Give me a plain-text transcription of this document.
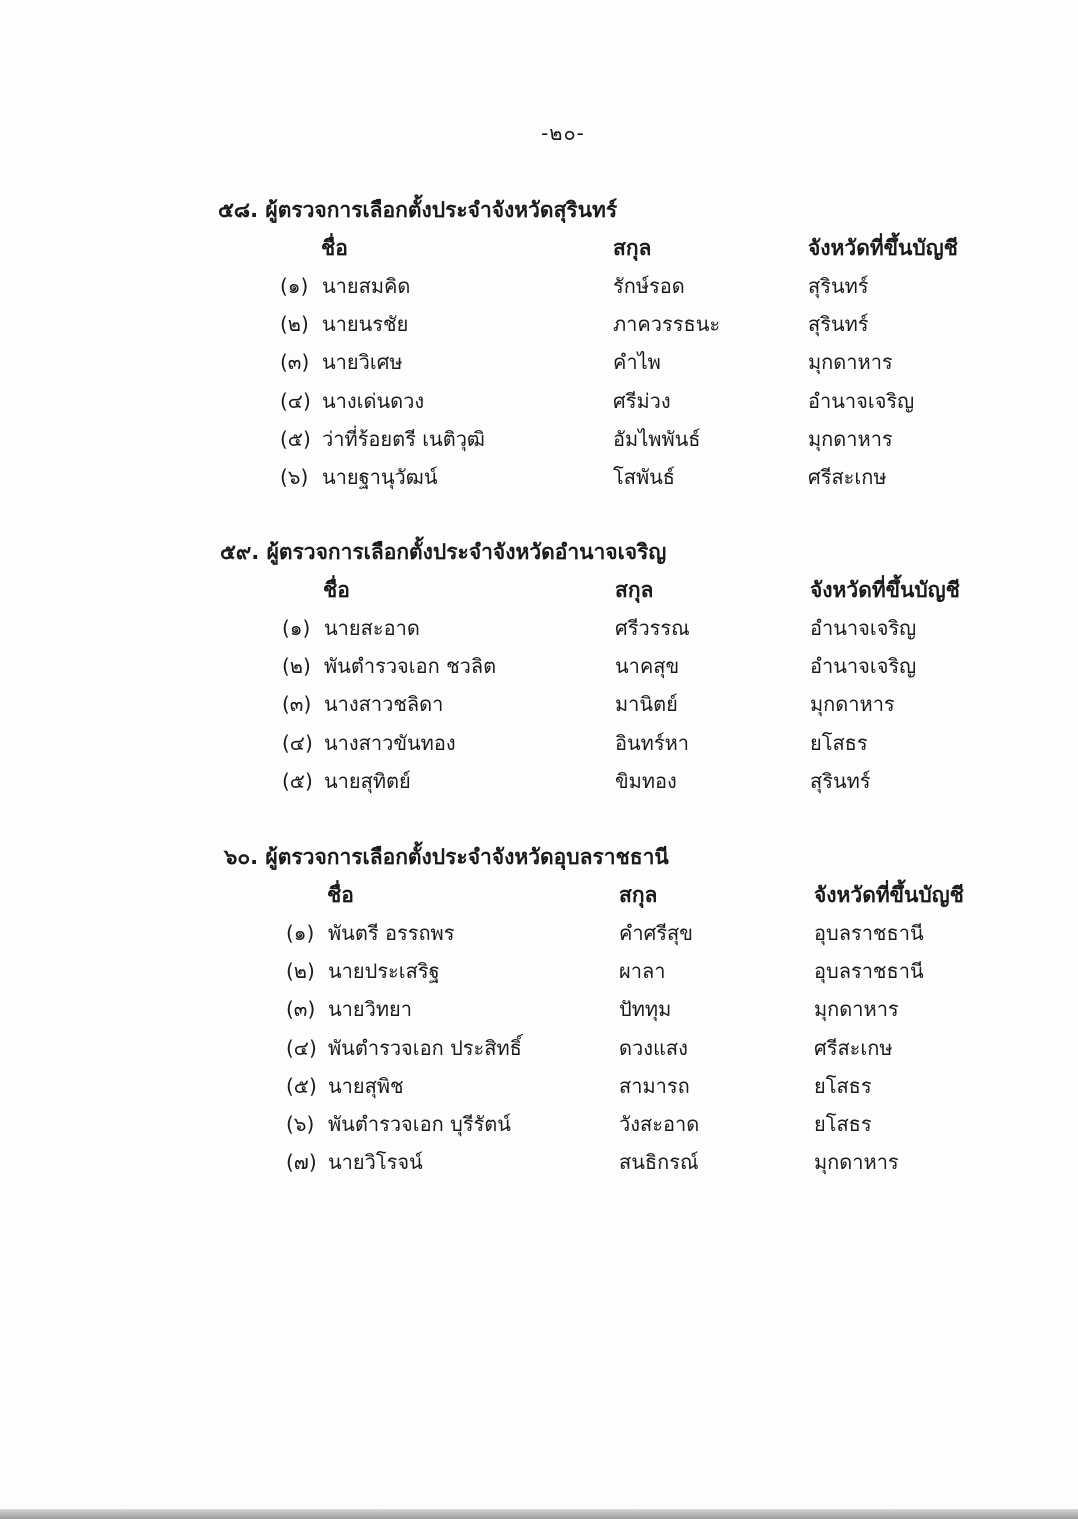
-๒๐-
๕๘. ผู้ตรวจการเลือกตั้งประจำจังหวัดสุรินทร์
ชื่อ	สกุล	จังหวัดที่ขึ้นบัญชี
(๑) นายสมคิด	รักษ์รอด	สุรินทร์
(๒) นายนรชัย	ภาควรรธนะ	สุรินทร์
(๓) นายวิเศษ	คำไพ	มุกดาหาร
(๔) นางเด่นดวง	ศรีม่วง	อำนาจเจริญ
(๕) ว่าที่ร้อยตรี เนติวุฒิ	อัมไพพันธ์	มุกดาหาร
(๖) นายฐานุวัฒน์	โสพันธ์	ศรีสะเกษ
๕๙. ผู้ตรวจการเลือกตั้งประจำจังหวัดอำนาจเจริญ
ชื่อ	สกุล	จังหวัดที่ขึ้นบัญชี
(๑) นายสะอาด	ศรีวรรณ	อำนาจเจริญ
(๒) พันตำรวจเอก ชวลิต	นาคสุข	อำนาจเจริญ
(๓) นางสาวชลิดา	มานิตย์	มุกดาหาร
(๔) นางสาวขันทอง	อินทร์หา	ยโสธร
(๕) นายสุทิตย์	ขิมทอง	สุรินทร์
๖๐. ผู้ตรวจการเลือกตั้งประจำจังหวัดอุบลราชธานี
ชื่อ	สกุล	จังหวัดที่ขึ้นบัญชี
(๑) พันตรี อรรถพร	คำศรีสุข	อุบลราชธานี
(๒) นายประเสริฐ	ผาลา	อุบลราชธานี
(๓) นายวิทยา	ปัททุม	มุกดาหาร
(๔) พันตำรวจเอก ประสิทธิ์	ดวงแสง	ศรีสะเกษ
(๕) นายสุพิช	สามารถ	ยโสธร
(๖) พันตำรวจเอก บุรีรัตน์	วังสะอาด	ยโสธร
(๗) นายวิโรจน์	สนธิกรณ์	มุกดาหาร
